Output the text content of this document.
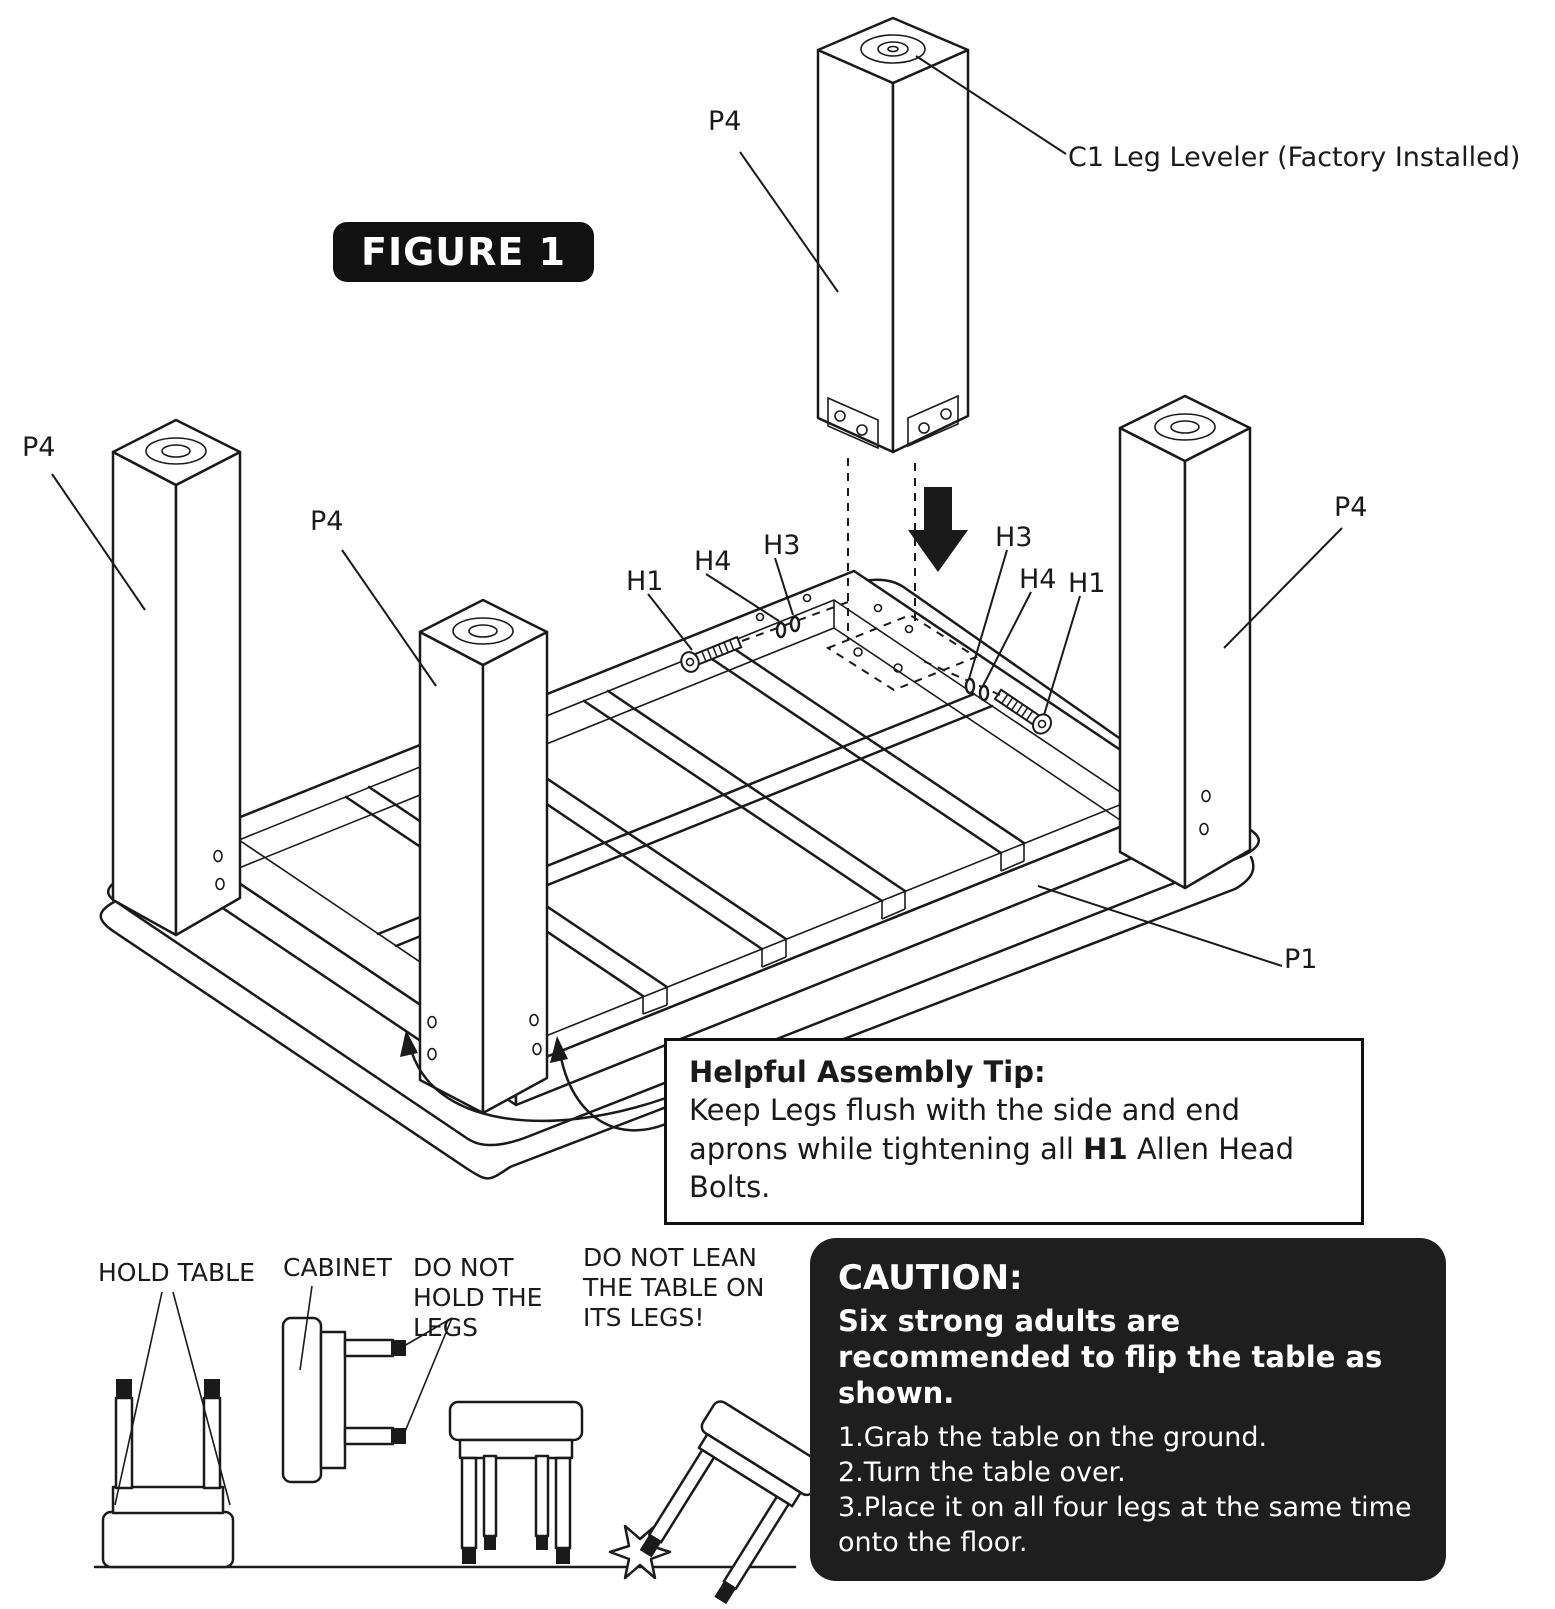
FIGURE 1
P4
C1 Leg Leveler (Factory Installed)
P4
P4	P4
H1
H4
H3	H3
H4 H1
P1
Helpful Assembly Tip:
Keep Legs flush with the side and end aprons while tightening all H1 Allen Head Bolts.
HOLD TABLE CABINET DO NOT HOLD THE LEGS
DO NOT LEAN THE TABLE ON ITS LEGS!
CAUTION:
Six strong adults are recommended to flip the table as shown.
1.Grab the table on the ground.
2.Turn the table over.
3.Place it on all four legs at the same time onto the floor.
